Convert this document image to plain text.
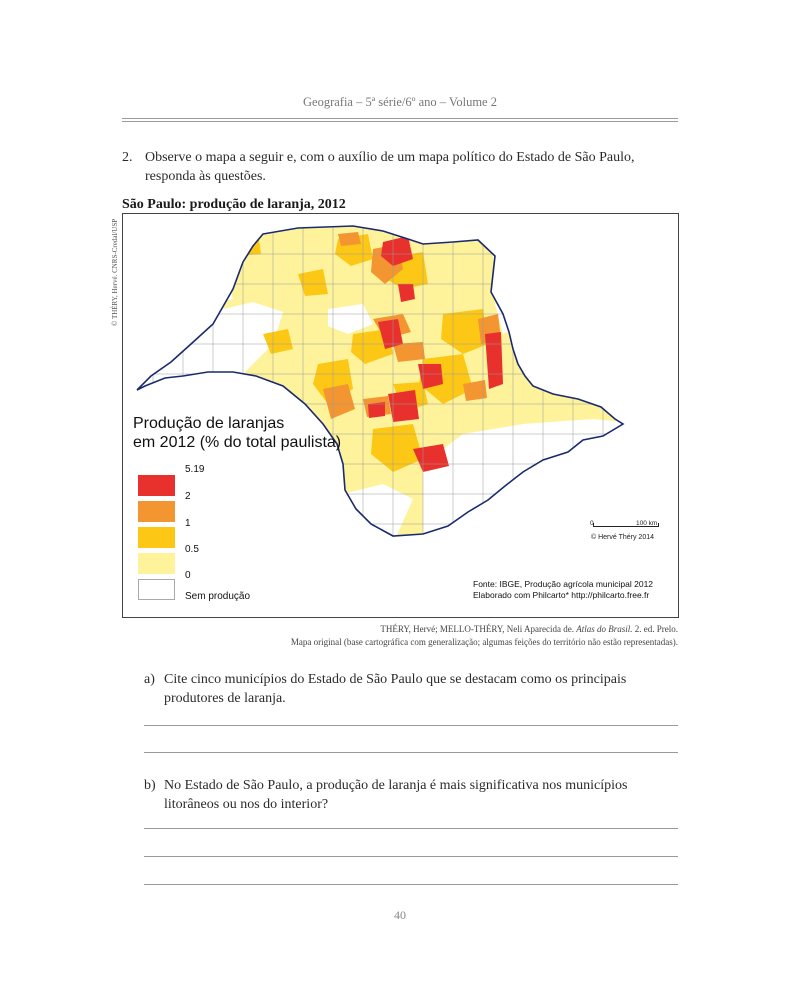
Geografia – 5ª série/6º ano – Volume 2
2. Observe o mapa a seguir e, com o auxílio de um mapa político do Estado de São Paulo, responda às questões.
São Paulo: produção de laranja, 2012
© THÉRY, Hervé. CNRS-Credal/USP
Produção de laranjas
em 2012 (% do total paulista)
5.19
2
1
0.5
0
Sem produção
0	100 km
© Hervé Théry 2014
Fonte: IBGE, Produção agrícola municipal 2012
Elaborado com Philcarto* http://philcarto.free.fr
THÉRY, Hervé; MELLO-THÉRY, Neli Aparecida de. Atlas do Brasil. 2. ed. Prelo.
Mapa original (base cartográfica com generalização; algumas feições do território não estão representadas).
a) Cite cinco municípios do Estado de São Paulo que se destacam como os principais produtores de laranja.
b) No Estado de São Paulo, a produção de laranja é mais significativa nos municípios litorâneos ou nos do interior?
40
